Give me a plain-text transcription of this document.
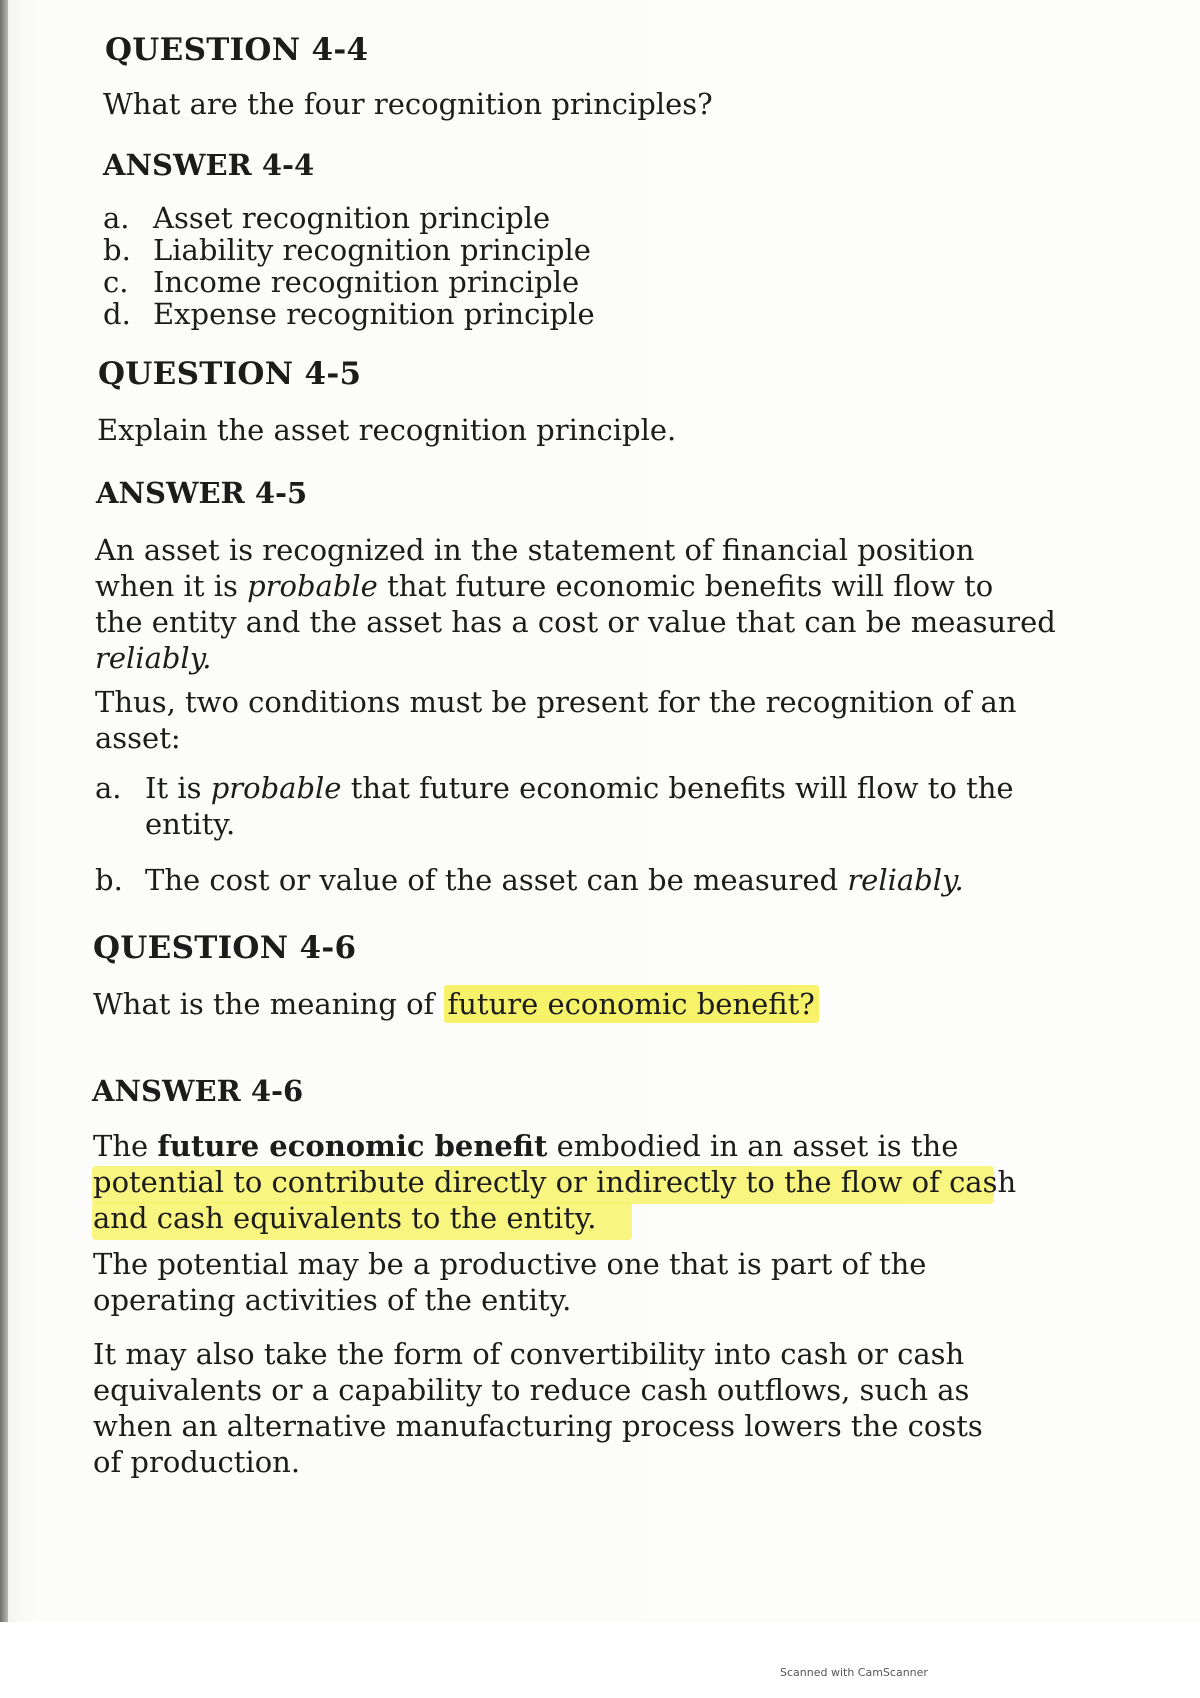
QUESTION 4-4
What are the four recognition principles?
ANSWER 4-4
a. Asset recognition principle
b. Liability recognition principle
c. Income recognition principle
d. Expense recognition principle
QUESTION 4-5
Explain the asset recognition principle.
ANSWER 4-5
An asset is recognized in the statement of financial position
when it is probable that future economic benefits will flow to
the entity and the asset has a cost or value that can be measured
reliably.
Thus, two conditions must be present for the recognition of an
asset:
a. It is probable that future economic benefits will flow to the
entity.
b. The cost or value of the asset can be measured reliably.
QUESTION 4-6
What is the meaning of future economic benefit?
ANSWER 4-6
The future economic benefit embodied in an asset is the
potential to contribute directly or indirectly to the flow of cash
and cash equivalents to the entity.
The potential may be a productive one that is part of the
operating activities of the entity.
It may also take the form of convertibility into cash or cash
equivalents or a capability to reduce cash outflows, such as
when an alternative manufacturing process lowers the costs
of production.
Scanned with CamScanner
